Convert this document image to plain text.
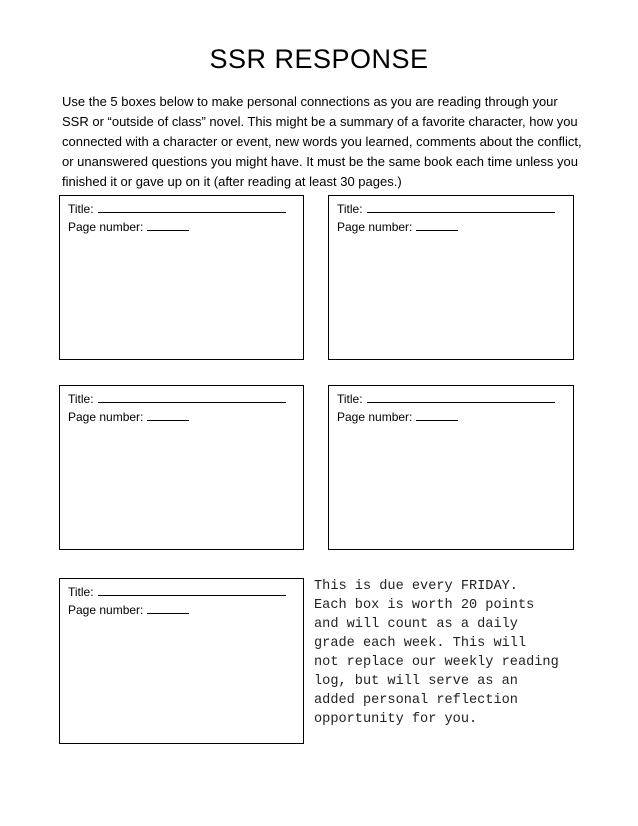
SSR RESPONSE

Use the 5 boxes below to make personal connections as you are reading through your SSR or “outside of class” novel. This might be a summary of a favorite character, how you connected with a character or event, new words you learned, comments about the conflict, or unanswered questions you might have. It must be the same book each time unless you finished it or gave up on it (after reading at least 30 pages.)

Title:
Page number:
Title:
Page number:
Title:
Page number:
Title:
Page number:
Title:
Page number:

This is due every FRIDAY.
Each box is worth 20 points
and will count as a daily
grade each week. This will
not replace our weekly reading
log, but will serve as an
added personal reflection
opportunity for you.
